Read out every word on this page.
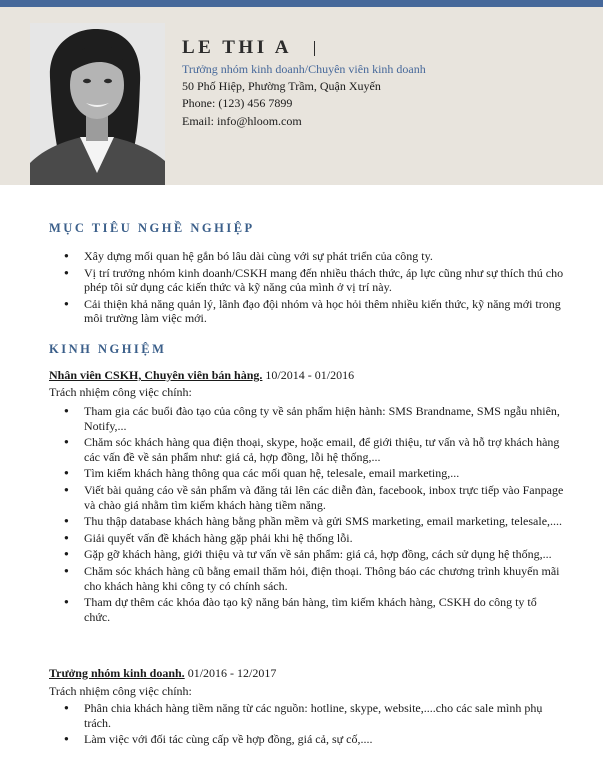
LE THI A
Trưởng nhóm kinh doanh/Chuyên viên kinh doanh
50 Phố Hiệp, Phường Trầm, Quận Xuyến
Phone: (123) 456 7899
Email: info@hloom.com
MỤC TIÊU NGHỀ NGHIỆP
● Xây dựng mối quan hệ gắn bó lâu dài cùng với sự phát triển của công ty.
● Vị trí trưởng nhóm kinh doanh/CSKH mang đến nhiều thách thức, áp lực cũng như sự thích thú cho phép tôi sử dụng các kiến thức và kỹ năng của mình ở vị trí này.
● Cải thiện khả năng quản lý, lãnh đạo đội nhóm và học hỏi thêm nhiều kiến thức, kỹ năng mới trong môi trường làm việc mới.
KINH NGHIỆM
Nhân viên CSKH, Chuyên viên bán hàng. 10/2014 - 01/2016
Trách nhiệm công việc chính:
● Tham gia các buổi đào tạo của công ty về sản phẩm hiện hành: SMS Brandname, SMS ngẫu nhiên, Notify,...
● Chăm sóc khách hàng qua điện thoại, skype, hoặc email, để giới thiệu, tư vấn và hỗ trợ khách hàng các vấn đề về sản phẩm như: giá cả, hợp đồng, lỗi hệ thống,...
● Tìm kiếm khách hàng thông qua các mối quan hệ, telesale, email marketing,...
● Viết bài quảng cáo về sản phẩm và đăng tải lên các diễn đàn, facebook, inbox trực tiếp vào Fanpage và chào giá nhằm tìm kiếm khách hàng tiềm năng.
● Thu thập database khách hàng bằng phần mềm và gửi SMS marketing, email marketing, telesale,....
● Giải quyết vấn đề khách hàng gặp phải khi hệ thống lỗi.
● Gặp gỡ khách hàng, giới thiệu và tư vấn về sản phẩm: giá cả, hợp đồng, cách sử dụng hệ thống,...
● Chăm sóc khách hàng cũ bằng email thăm hỏi, điện thoại. Thông báo các chương trình khuyến mãi cho khách hàng khi công ty có chính sách.
● Tham dự thêm các khóa đào tạo kỹ năng bán hàng, tìm kiếm khách hàng, CSKH do công ty tổ chức.
Trưởng nhóm kinh doanh. 01/2016 - 12/2017
Trách nhiệm công việc chính:
● Phân chia khách hàng tiềm năng từ các nguồn: hotline, skype, website,....cho các sale mình phụ trách.
● Làm việc với đối tác cùng cấp về hợp đồng, giá cả, sự cố,....
